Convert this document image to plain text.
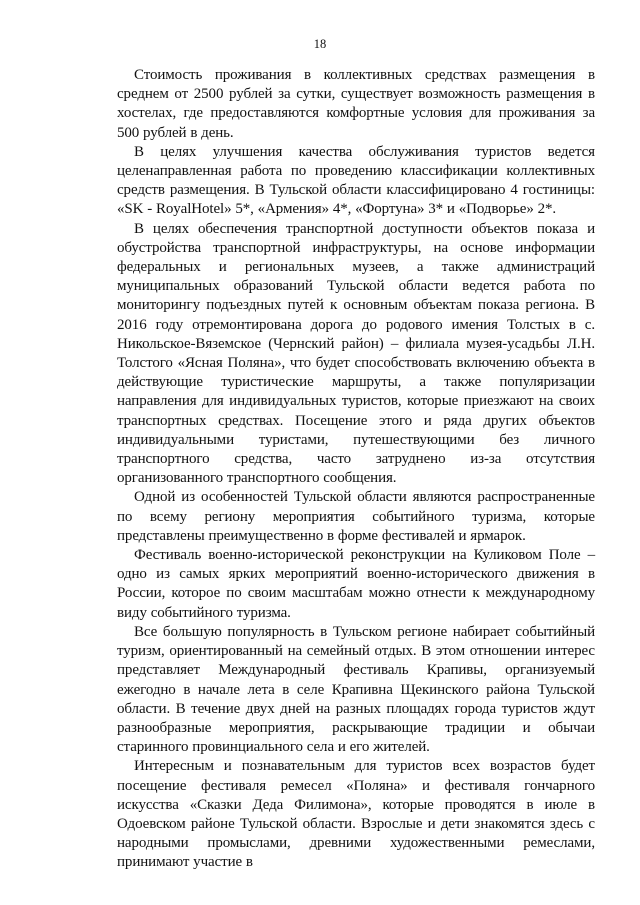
18

Стоимость проживания в коллективных средствах размещения в среднем от 2500 рублей за сутки, существует возможность размещения в хостелах, где предоставляются комфортные условия для проживания за 500 рублей в день.

В целях улучшения качества обслуживания туристов ведется целенаправленная работа по проведению классификации коллективных средств размещения. В Тульской области классифицировано 4 гостиницы: «SK - RoyalHotel» 5*, «Армения» 4*, «Фортуна» 3* и «Подворье» 2*.

В целях обеспечения транспортной доступности объектов показа и обустройства транспортной инфраструктуры, на основе информации федеральных и региональных музеев, а также администраций муниципальных образований Тульской области ведется работа по мониторингу подъездных путей к основным объектам показа региона. В 2016 году отремонтирована дорога до родового имения Толстых в с. Никольское-Вяземское (Чернский район) – филиала музея-усадьбы Л.Н. Толстого «Ясная Поляна», что будет способствовать включению объекта в действующие туристические маршруты, а также популяризации направления для индивидуальных туристов, которые приезжают на своих транспортных средствах. Посещение этого и ряда других объектов индивидуальными туристами, путешествующими без личного транспортного средства, часто затруднено из-за отсутствия организованного транспортного сообщения.

Одной из особенностей Тульской области являются распространенные по всему региону мероприятия событийного туризма, которые представлены преимущественно в форме фестивалей и ярмарок.

Фестиваль военно-исторической реконструкции на Куликовом Поле – одно из самых ярких мероприятий военно-исторического движения в России, которое по своим масштабам можно отнести к международному виду событийного туризма.

Все большую популярность в Тульском регионе набирает событийный туризм, ориентированный на семейный отдых. В этом отношении интерес представляет Международный фестиваль Крапивы, организуемый ежегодно в начале лета в селе Крапивна Щекинского района Тульской области. В течение двух дней на разных площадях города туристов ждут разнообразные мероприятия, раскрывающие традиции и обычаи старинного провинциального села и его жителей.

Интересным и познавательным для туристов всех возрастов будет посещение фестиваля ремесел «Поляна» и фестиваля гончарного искусства «Сказки Деда Филимона», которые проводятся в июле в Одоевском районе Тульской области. Взрослые и дети знакомятся здесь с народными промыслами, древними художественными ремеслами, принимают участие в
